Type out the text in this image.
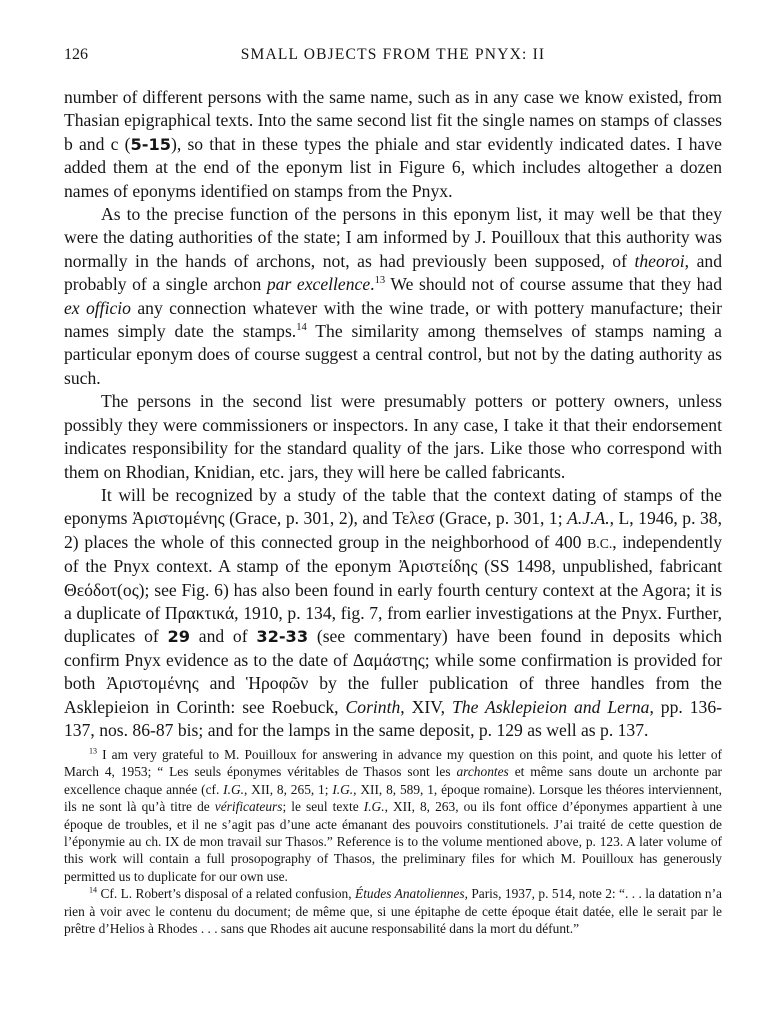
126	SMALL OBJECTS FROM THE PNYX: II

number of different persons with the same name, such as in any case we know existed, from Thasian epigraphical texts. Into the same second list fit the single names on stamps of classes b and c (5-15), so that in these types the phiale and star evidently indicated dates. I have added them at the end of the eponym list in Figure 6, which includes altogether a dozen names of eponyms identified on stamps from the Pnyx.

As to the precise function of the persons in this eponym list, it may well be that they were the dating authorities of the state; I am informed by J. Pouilloux that this authority was normally in the hands of archons, not, as had previously been supposed, of theoroi, and probably of a single archon par excellence.$^{13}$ We should not of course assume that they had ex officio any connection whatever with the wine trade, or with pottery manufacture; their names simply date the stamps.$^{14}$ The similarity among themselves of stamps naming a particular eponym does of course suggest a central control, but not by the dating authority as such.

The persons in the second list were presumably potters or pottery owners, unless possibly they were commissioners or inspectors. In any case, I take it that their endorsement indicates responsibility for the standard quality of the jars. Like those who correspond with them on Rhodian, Knidian, etc. jars, they will here be called fabricants.

It will be recognized by a study of the table that the context dating of stamps of the eponyms Ἀριστομένης (Grace, p. 301, 2), and Τελεσ (Grace, p. 301, 1; A.J.A., L, 1946, p. 38, 2) places the whole of this connected group in the neighborhood of 400 B.C., independently of the Pnyx context. A stamp of the eponym Ἀριστείδης (SS 1498, unpublished, fabricant Θεόδοτ(ος); see Fig. 6) has also been found in early fourth century context at the Agora; it is a duplicate of Πρακτικά, 1910, p. 134, fig. 7, from earlier investigations at the Pnyx. Further, duplicates of 29 and of 32-33 (see commentary) have been found in deposits which confirm Pnyx evidence as to the date of Δαμάστης; while some confirmation is provided for both Ἀριστομένης and Ἡροφῶν by the fuller publication of three handles from the Asklepieion in Corinth: see Roebuck, Corinth, XIV, The Asklepieion and Lerna, pp. 136-137, nos. 86-87 bis; and for the lamps in the same deposit, p. 129 as well as p. 137.

$^{13}$ I am very grateful to M. Pouilloux for answering in advance my question on this point, and quote his letter of March 4, 1953; “ Les seuls éponymes véritables de Thasos sont les archontes et même sans doute un archonte par excellence chaque année (cf. I.G., XII, 8, 265, 1; I.G., XII, 8, 589, 1, époque romaine). Lorsque les théores interviennent, ils ne sont là qu’à titre de vérificateurs; le seul texte I.G., XII, 8, 263, ou ils font office d’éponymes appartient à une époque de troubles, et il ne s’agit pas d’une acte émanant des pouvoirs constitutionels. J’ai traité de cette question de l’éponymie au ch. IX de mon travail sur Thasos.” Reference is to the volume mentioned above, p. 123. A later volume of this work will contain a full prosopography of Thasos, the preliminary files for which M. Pouilloux has generously permitted us to duplicate for our own use.

$^{14}$ Cf. L. Robert’s disposal of a related confusion, Études Anatoliennes, Paris, 1937, p. 514, note 2: “. . . la datation n’a rien à voir avec le contenu du document; de même que, si une épitaphe de cette époque était datée, elle le serait par le prêtre d’Helios à Rhodes . . . sans que Rhodes ait aucune responsabilité dans la mort du défunt.”
